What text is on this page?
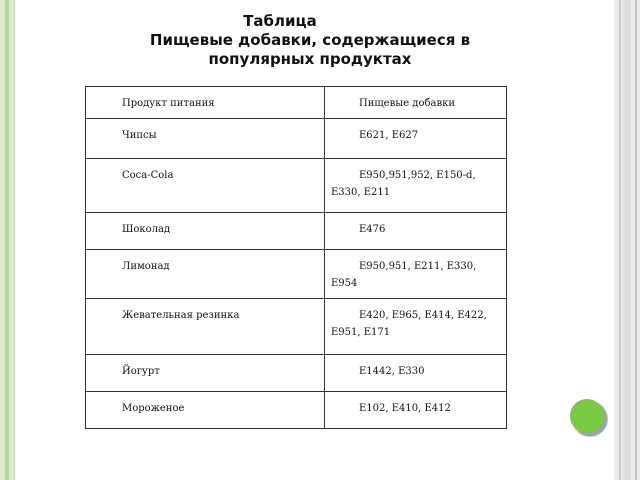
Таблица
Пищевые добавки, содержащиеся в
популярных продуктах
Продукт питания	Пищевые добавки
Чипсы	Е621, Е627
Coca-Cola	Е950,951,952, Е150-d, Е330, Е211
Шоколад	Е476
Лимонад	Е950,951, Е211, Е330, Е954
Жевательная резинка	Е420, Е965, Е414, Е422, Е951, Е171
Йогурт	Е1442, Е330
Мороженое	Е102, Е410, Е412
